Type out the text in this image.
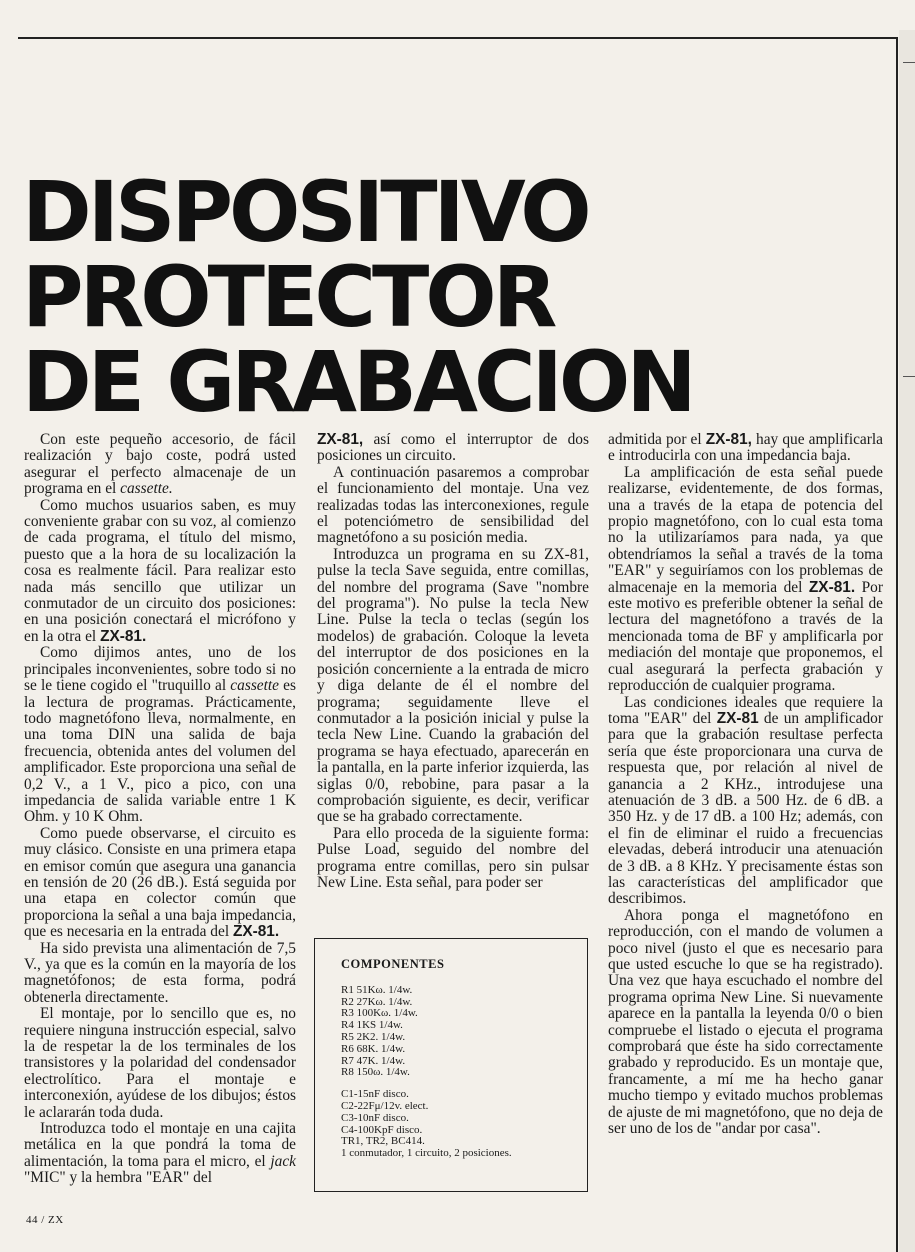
DISPOSITIVO
PROTECTOR
DE GRABACION

Con este pequeño accesorio, de fácil realización y bajo coste, podrá usted asegurar el perfecto almacenaje de un programa en el cassette.

Como muchos usuarios saben, es muy conveniente grabar con su voz, al comienzo de cada programa, el título del mismo, puesto que a la hora de su localización la cosa es realmente fácil. Para realizar esto nada más sencillo que utilizar un conmutador de un circuito dos posiciones: en una posición conectará el micrófono y en la otra el ZX-81.

Como dijimos antes, uno de los principales inconvenientes, sobre todo si no se le tiene cogido el "truquillo al cassette es la lectura de programas. Prácticamente, todo magnetófono lleva, normalmente, en una toma DIN una salida de baja frecuencia, obtenida antes del volumen del amplificador. Este proporciona una señal de 0,2 V., a 1 V., pico a pico, con una impedancia de salida variable entre 1 K Ohm. y 10 K Ohm.

Como puede observarse, el circuito es muy clásico. Consiste en una primera etapa en emisor común que asegura una ganancia en tensión de 20 (26 dB.). Está seguida por una etapa en colector común que proporciona la señal a una baja impedancia, que es necesaria en la entrada del ZX-81.

Ha sido prevista una alimentación de 7,5 V., ya que es la común en la mayoría de los magnetófonos; de esta forma, podrá obtenerla directamente.

El montaje, por lo sencillo que es, no requiere ninguna instrucción especial, salvo la de respetar la de los terminales de los transistores y la polaridad del condensador electrolítico. Para el montaje e interconexión, ayúdese de los dibujos; éstos le aclararán toda duda.

Introduzca todo el montaje en una cajita metálica en la que pondrá la toma de alimentación, la toma para el micro, el jack "MIC" y la hembra "EAR" del

ZX-81, así como el interruptor de dos posiciones un circuito.

A continuación pasaremos a comprobar el funcionamiento del montaje. Una vez realizadas todas las interconexiones, regule el potenciómetro de sensibilidad del magnetófono a su posición media.

Introduzca un programa en su ZX-81, pulse la tecla Save seguida, entre comillas, del nombre del programa (Save "nombre del programa"). No pulse la tecla New Line. Pulse la tecla o teclas (según los modelos) de grabación. Coloque la leveta del interruptor de dos posiciones en la posición concerniente a la entrada de micro y diga delante de él el nombre del programa; seguidamente lleve el conmutador a la posición inicial y pulse la tecla New Line. Cuando la grabación del programa se haya efectuado, aparecerán en la pantalla, en la parte inferior izquierda, las siglas 0/0, rebobine, para pasar a la comprobación siguiente, es decir, verificar que se ha grabado correctamente.

Para ello proceda de la siguiente forma: Pulse Load, seguido del nombre del programa entre comillas, pero sin pulsar New Line. Esta señal, para poder ser

admitida por el ZX-81, hay que amplificarla e introducirla con una impedancia baja.

La amplificación de esta señal puede realizarse, evidentemente, de dos formas, una a través de la etapa de potencia del propio magnetófono, con lo cual esta toma no la utilizaríamos para nada, ya que obtendríamos la señal a través de la toma "EAR" y seguiríamos con los problemas de almacenaje en la memoria del ZX-81. Por este motivo es preferible obtener la señal de lectura del magnetófono a través de la mencionada toma de BF y amplificarla por mediación del montaje que proponemos, el cual asegurará la perfecta grabación y reproducción de cualquier programa.

Las condiciones ideales que requiere la toma "EAR" del ZX-81 de un amplificador para que la grabación resultase perfecta sería que éste proporcionara una curva de respuesta que, por relación al nivel de ganancia a 2 KHz., introdujese una atenuación de 3 dB. a 500 Hz. de 6 dB. a 350 Hz. y de 17 dB. a 100 Hz; además, con el fin de eliminar el ruido a frecuencias elevadas, deberá introducir una atenuación de 3 dB. a 8 KHz. Y precisamente éstas son las características del amplificador que describimos.

Ahora ponga el magnetófono en reproducción, con el mando de volumen a poco nivel (justo el que es necesario para que usted escuche lo que se ha registrado). Una vez que haya escuchado el nombre del programa oprima New Line. Si nuevamente aparece en la pantalla la leyenda 0/0 o bien compruebe el listado o ejecuta el programa comprobará que éste ha sido correctamente grabado y reproducido. Es un montaje que, francamente, a mí me ha hecho ganar mucho tiempo y evitado muchos problemas de ajuste de mi magnetófono, que no deja de ser uno de los de "andar por casa".

COMPONENTES
R1 51Kω. 1/4w.
R2 27Kω. 1/4w.
R3 100Kω. 1/4w.
R4 1KS 1/4w.
R5 2K2. 1/4w.
R6 68K. 1/4w.
R7 47K. 1/4w.
R8 150ω. 1/4w.
C1-15nF disco.
C2-22Fμ/12v. elect.
C3-10nF disco.
C4-100KpF disco.
TR1, TR2, BC414.
1 conmutador, 1 circuito, 2 posiciones.
44 / ZX
